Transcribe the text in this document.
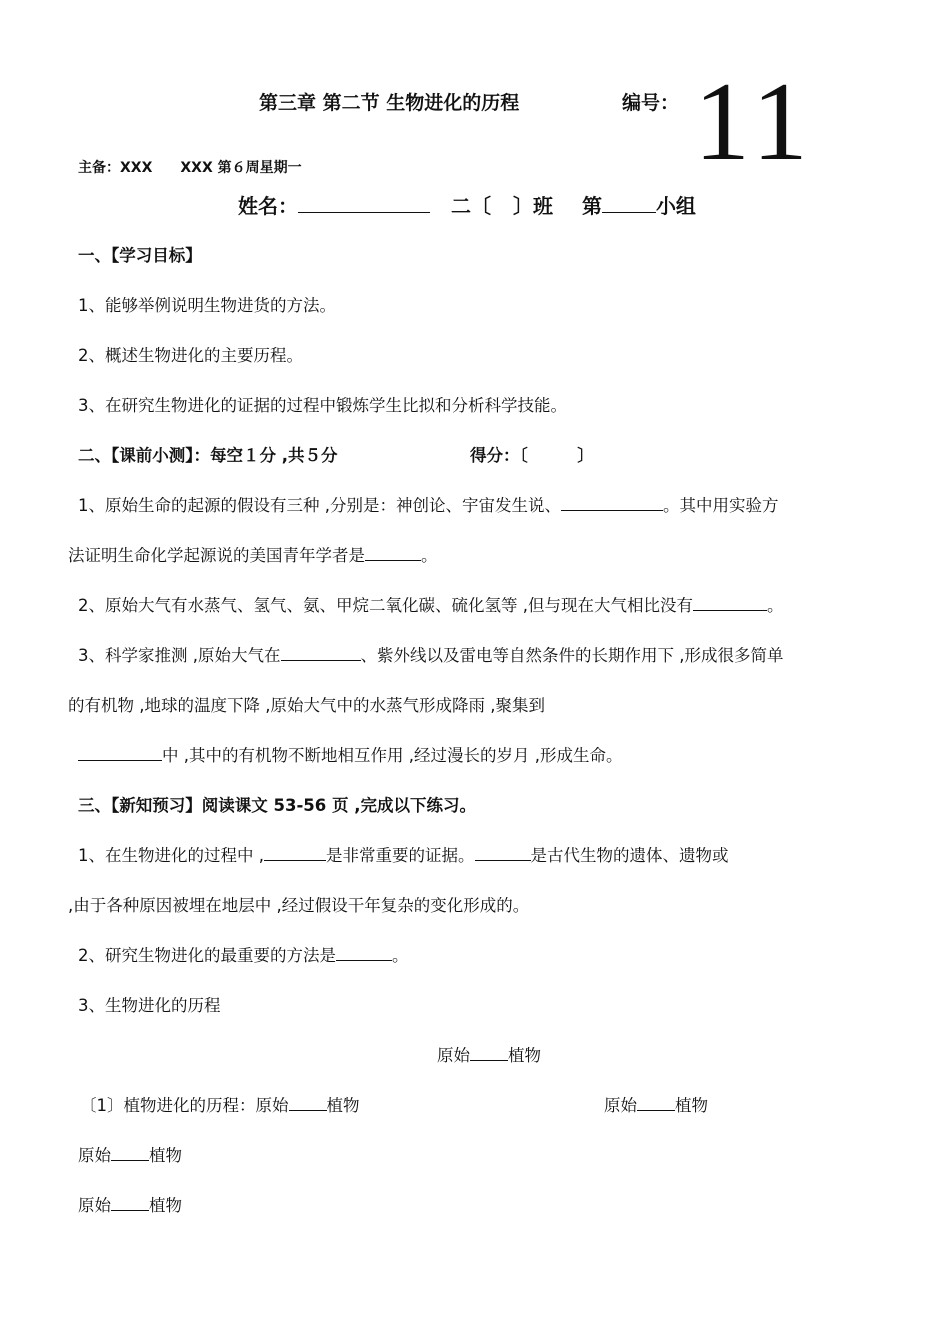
第三章 第二节 生物进化的历程	编号： 11
主备：XXX　　XXX 第６周星期一
姓名：	二〔 〕班 第	小组
一、【学习目标】
1、能够举例说明生物进货的方法。
2、概述生物进化的主要历程。
3、在研究生物进化的证据的过程中锻炼学生比拟和分析科学技能。
二、【课前小测】：每空１分 ,共５分	得分：〔　　　〕
1、原始生命的起源的假设有三种 ,分别是：神创论、宇宙发生说、	。其中用实验方
法证明生命化学起源说的美国青年学者是	。
2、原始大气有水蒸气、氢气、氨、甲烷二氧化碳、硫化氢等 ,但与现在大气相比没有	。
3、科学家推测 ,原始大气在	、紫外线以及雷电等自然条件的长期作用下 ,形成很多简单
的有机物 ,地球的温度下降 ,原始大气中的水蒸气形成降雨 ,聚集到
中 ,其中的有机物不断地相互作用 ,经过漫长的岁月 ,形成生命。
三、【新知预习】阅读课文 53-56 页 ,完成以下练习。
1、在生物进化的过程中 ,	是非常重要的证据。	是古代生物的遗体、遗物或
,由于各种原因被埋在地层中 ,经过假设干年复杂的变化形成的。
2、研究生物进化的最重要的方法是	。
3、生物进化的历程
原始 植物
〔1〕植物进化的历程：原始 植物	原始 植物
原始 植物
原始 植物
